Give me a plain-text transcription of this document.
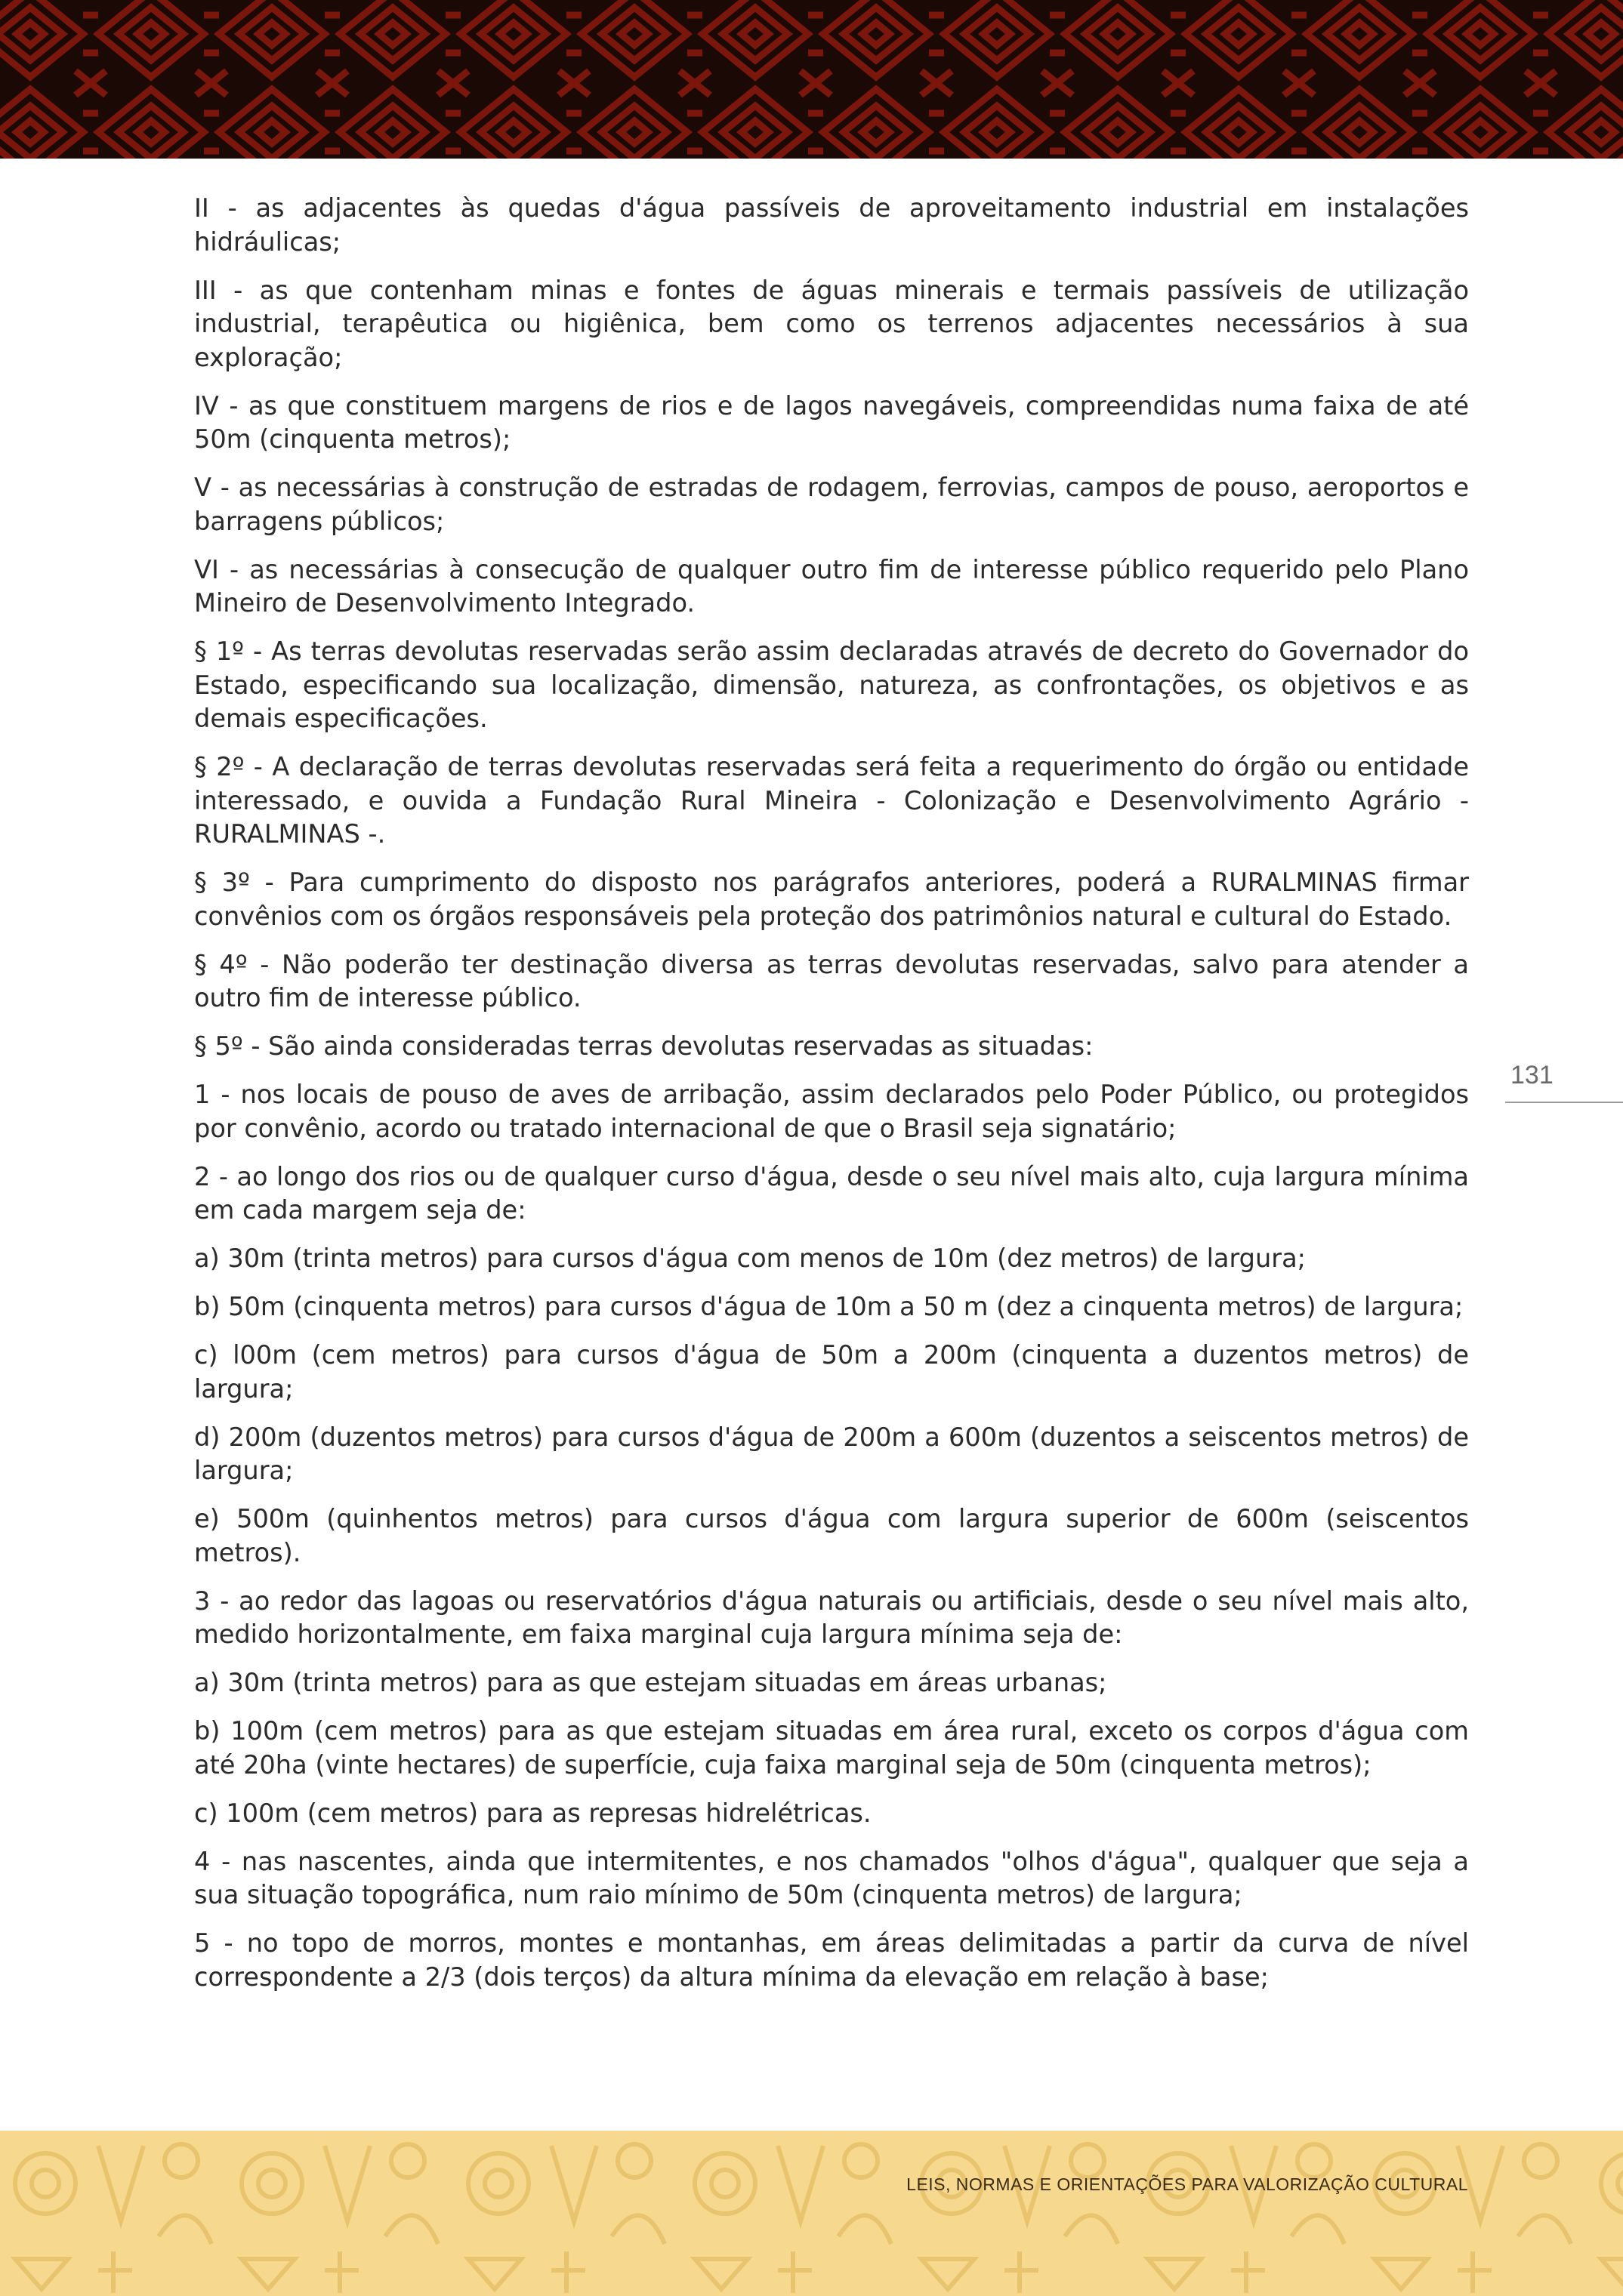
II - as adjacentes às quedas d'água passíveis de aproveitamento industrial em instalações hidráulicas;

III - as que contenham minas e fontes de águas minerais e termais passíveis de utilização industrial, terapêutica ou higiênica, bem como os terrenos adjacentes necessários à sua exploração;

IV - as que constituem margens de rios e de lagos navegáveis, compreendidas numa faixa de até 50m (cinquenta metros);

V - as necessárias à construção de estradas de rodagem, ferrovias, campos de pouso, aeroportos e barragens públicos;

VI - as necessárias à consecução de qualquer outro fim de interesse público requerido pelo Plano Mineiro de Desenvolvimento Integrado.

§ 1º - As terras devolutas reservadas serão assim declaradas através de decreto do Governador do Estado, especificando sua localização, dimensão, natureza, as confrontações, os objetivos e as demais especificações.

§ 2º - A declaração de terras devolutas reservadas será feita a requerimento do órgão ou entidade interessado, e ouvida a Fundação Rural Mineira - Colonização e Desenvolvimento Agrário - RURALMINAS -.

§ 3º - Para cumprimento do disposto nos parágrafos anteriores, poderá a RURALMINAS firmar convênios com os órgãos responsáveis pela proteção dos patrimônios natural e cultural do Estado.

§ 4º - Não poderão ter destinação diversa as terras devolutas reservadas, salvo para atender a outro fim de interesse público.

§ 5º - São ainda consideradas terras devolutas reservadas as situadas:

1 - nos locais de pouso de aves de arribação, assim declarados pelo Poder Público, ou protegidos por convênio, acordo ou tratado internacional de que o Brasil seja signatário;

2 - ao longo dos rios ou de qualquer curso d'água, desde o seu nível mais alto, cuja largura mínima em cada margem seja de:

a) 30m (trinta metros) para cursos d'água com menos de 10m (dez metros) de largura;

b) 50m (cinquenta metros) para cursos d'água de 10m a 50 m (dez a cinquenta metros) de largura;

c) l00m (cem metros) para cursos d'água de 50m a 200m (cinquenta a duzentos metros) de largura;

d) 200m (duzentos metros) para cursos d'água de 200m a 600m (duzentos a seiscentos metros) de largura;

e) 500m (quinhentos metros) para cursos d'água com largura superior de 600m (seiscentos metros).

3 - ao redor das lagoas ou reservatórios d'água naturais ou artificiais, desde o seu nível mais alto, medido horizontalmente, em faixa marginal cuja largura mínima seja de:

a) 30m (trinta metros) para as que estejam situadas em áreas urbanas;

b) 100m (cem metros) para as que estejam situadas em área rural, exceto os corpos d'água com até 20ha (vinte hectares) de superfície, cuja faixa marginal seja de 50m (cinquenta metros);

c) 100m (cem metros) para as represas hidrelétricas.

4 - nas nascentes, ainda que intermitentes, e nos chamados "olhos d'água", qualquer que seja a sua situação topográfica, num raio mínimo de 50m (cinquenta metros) de largura;

5 - no topo de morros, montes e montanhas, em áreas delimitadas a partir da curva de nível correspondente a 2/3 (dois terços) da altura mínima da elevação em relação à base;

131
LEIS, NORMAS E ORIENTAÇÕES PARA VALORIZAÇÃO CULTURAL
